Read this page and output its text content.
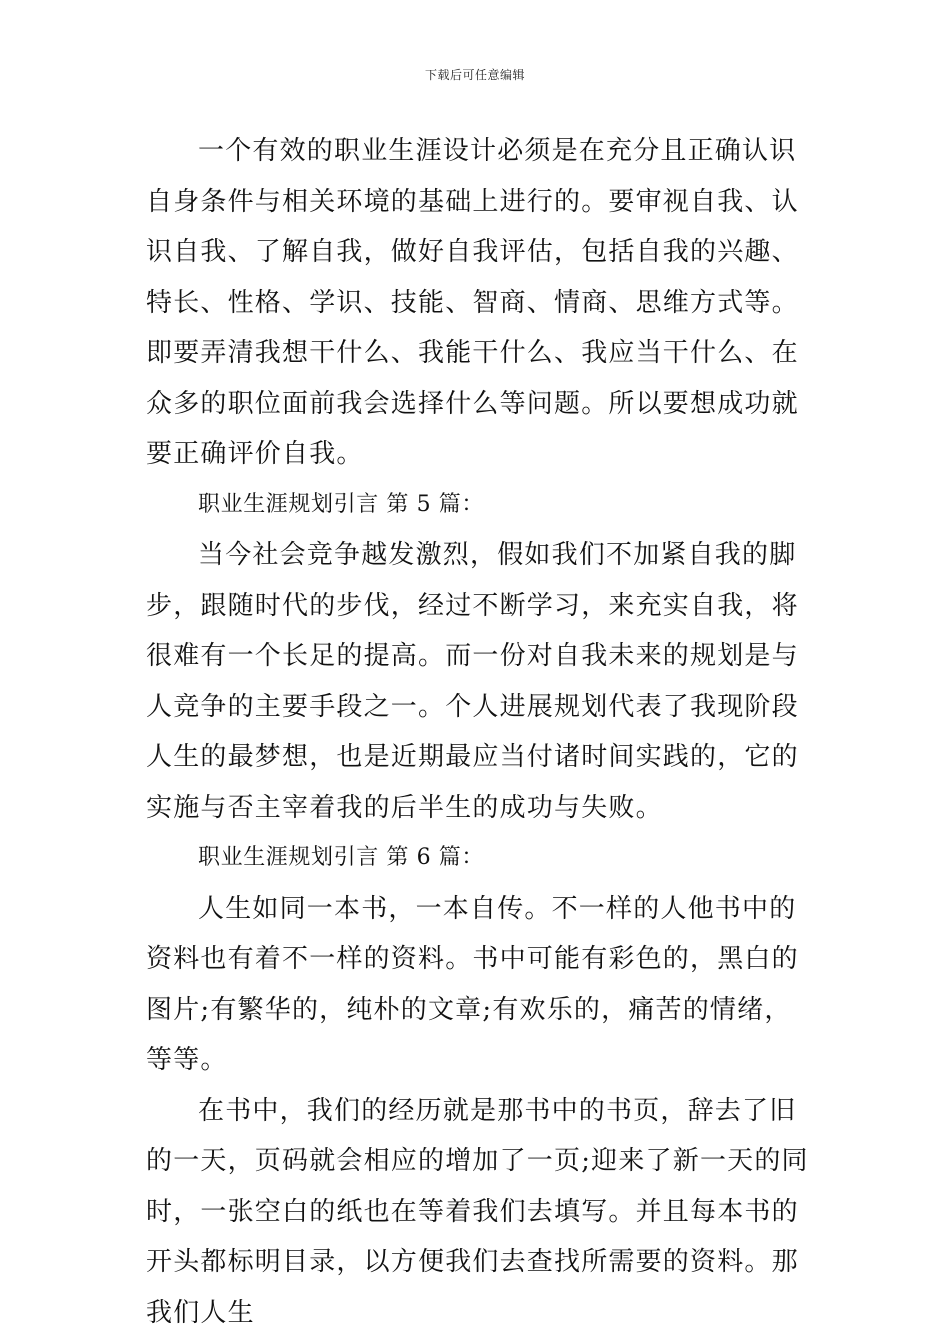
下载后可任意编辑

一个有效的职业生涯设计必须是在充分且正确认识自身条件与相关环境的基础上进行的。要审视自我、认识自我、了解自我，做好自我评估，包括自我的兴趣、特长、性格、学识、技能、智商、情商、思维方式等。即要弄清我想干什么、我能干什么、我应当干什么、在众多的职位面前我会选择什么等问题。所以要想成功就要正确评价自我。

职业生涯规划引言 第 5 篇：

当今社会竞争越发激烈，假如我们不加紧自我的脚步，跟随时代的步伐，经过不断学习，来充实自我，将很难有一个长足的提高。而一份对自我未来的规划是与人竞争的主要手段之一。个人进展规划代表了我现阶段人生的最梦想，也是近期最应当付诸时间实践的，它的实施与否主宰着我的后半生的成功与失败。

职业生涯规划引言 第 6 篇：

人生如同一本书，一本自传。不一样的人他书中的资料也有着不一样的资料。书中可能有彩色的，黑白的图片;有繁华的，纯朴的文章;有欢乐的，痛苦的情绪，等等。

在书中，我们的经历就是那书中的书页，辞去了旧的一天，页码就会相应的增加了一页;迎来了新一天的同时，一张空白的纸也在等着我们去填写。并且每本书的开头都标明目录，以方便我们去查找所需要的资料。那我们人生
